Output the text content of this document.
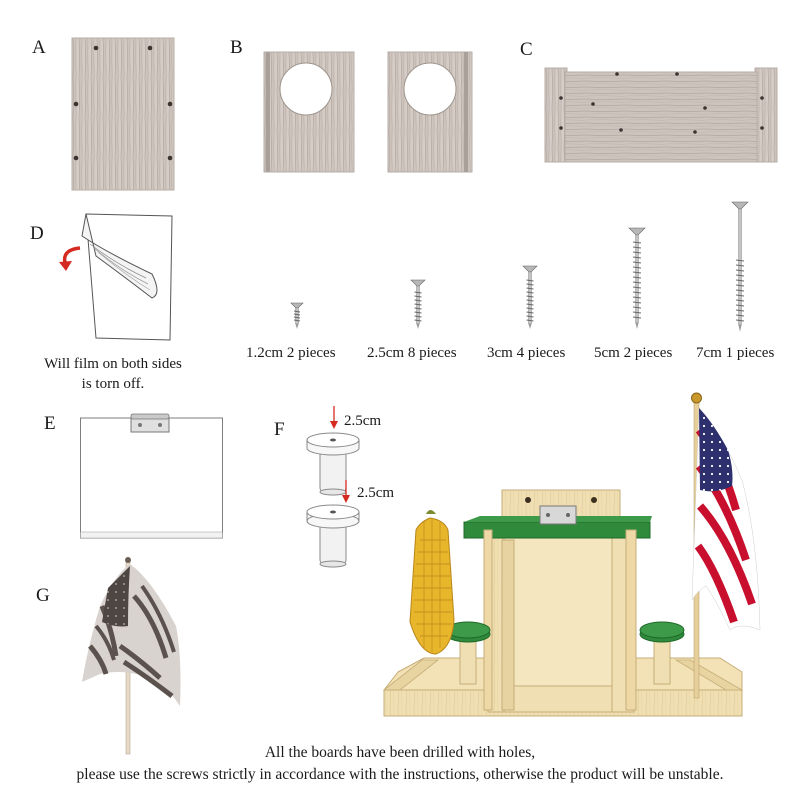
A	B	C
D
Will film on both sides
is torn off.
1.2cm 2 pieces 2.5cm 8 pieces 3cm 4 pieces 5cm 2 pieces 7cm 1 pieces
E	F	2.5cm
2.5cm
G
All the boards have been drilled with holes,
please use the screws strictly in accordance with the instructions, otherwise the product will be unstable.
